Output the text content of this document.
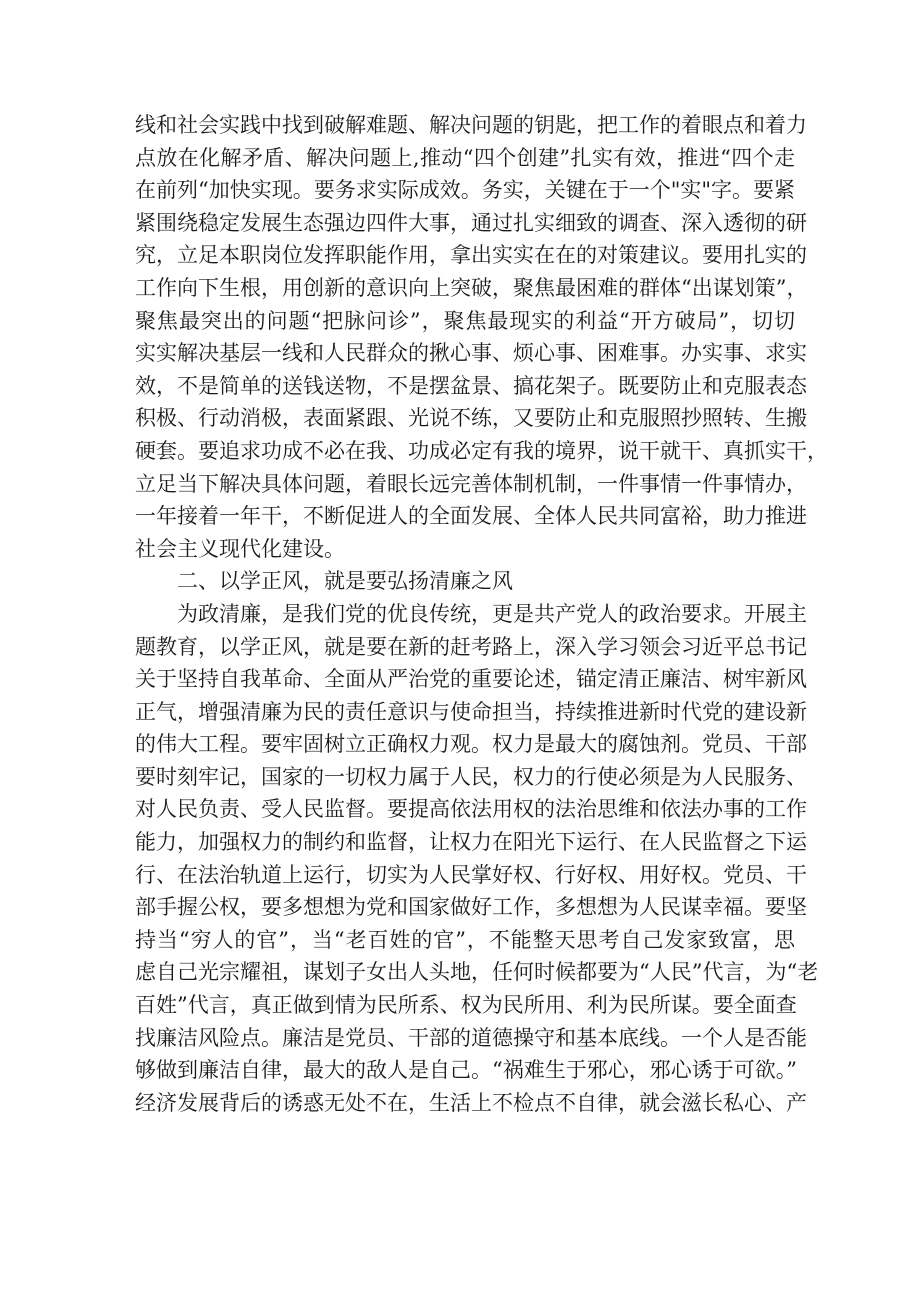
线和社会实践中找到破解难题、解决问题的钥匙，把工作的着眼点和着力
点放在化解矛盾、解决问题上,推动“四个创建”扎实有效，推进“四个走
在前列“加快实现。要务求实际成效。务实，关键在于一个"实"字。要紧
紧围绕稳定发展生态强边四件大事，通过扎实细致的调查、深入透彻的研
究，立足本职岗位发挥职能作用，拿出实实在在的对策建议。要用扎实的
工作向下生根，用创新的意识向上突破，聚焦最困难的群体“出谋划策”，
聚焦最突出的问题“把脉问诊”，聚焦最现实的利益“开方破局”，切切
实实解决基层一线和人民群众的揪心事、烦心事、困难事。办实事、求实
效，不是简单的送钱送物，不是摆盆景、搞花架子。既要防止和克服表态
积极、行动消极，表面紧跟、光说不练，又要防止和克服照抄照转、生搬
硬套。要追求功成不必在我、功成必定有我的境界，说干就干、真抓实干，
立足当下解决具体问题，着眼长远完善体制机制，一件事情一件事情办，
一年接着一年干，不断促进人的全面发展、全体人民共同富裕，助力推进
社会主义现代化建设。
二、以学正风，就是要弘扬清廉之风
为政清廉，是我们党的优良传统，更是共产党人的政治要求。开展主
题教育，以学正风，就是要在新的赶考路上，深入学习领会习近平总书记
关于坚持自我革命、全面从严治党的重要论述，锚定清正廉洁、树牢新风
正气，增强清廉为民的责任意识与使命担当，持续推进新时代党的建设新
的伟大工程。要牢固树立正确权力观。权力是最大的腐蚀剂。党员、干部
要时刻牢记，国家的一切权力属于人民，权力的行使必须是为人民服务、
对人民负责、受人民监督。要提高依法用权的法治思维和依法办事的工作
能力，加强权力的制约和监督，让权力在阳光下运行、在人民监督之下运
行、在法治轨道上运行，切实为人民掌好权、行好权、用好权。党员、干
部手握公权，要多想想为党和国家做好工作，多想想为人民谋幸福。要坚
持当“穷人的官”，当“老百姓的官”，不能整天思考自己发家致富，思
虑自己光宗耀祖，谋划子女出人头地，任何时候都要为“人民”代言，为“老
百姓”代言，真正做到情为民所系、权为民所用、利为民所谋。要全面查
找廉洁风险点。廉洁是党员、干部的道德操守和基本底线。一个人是否能
够做到廉洁自律，最大的敌人是自己。“祸难生于邪心，邪心诱于可欲。”
经济发展背后的诱惑无处不在，生活上不检点不自律，就会滋长私心、产
